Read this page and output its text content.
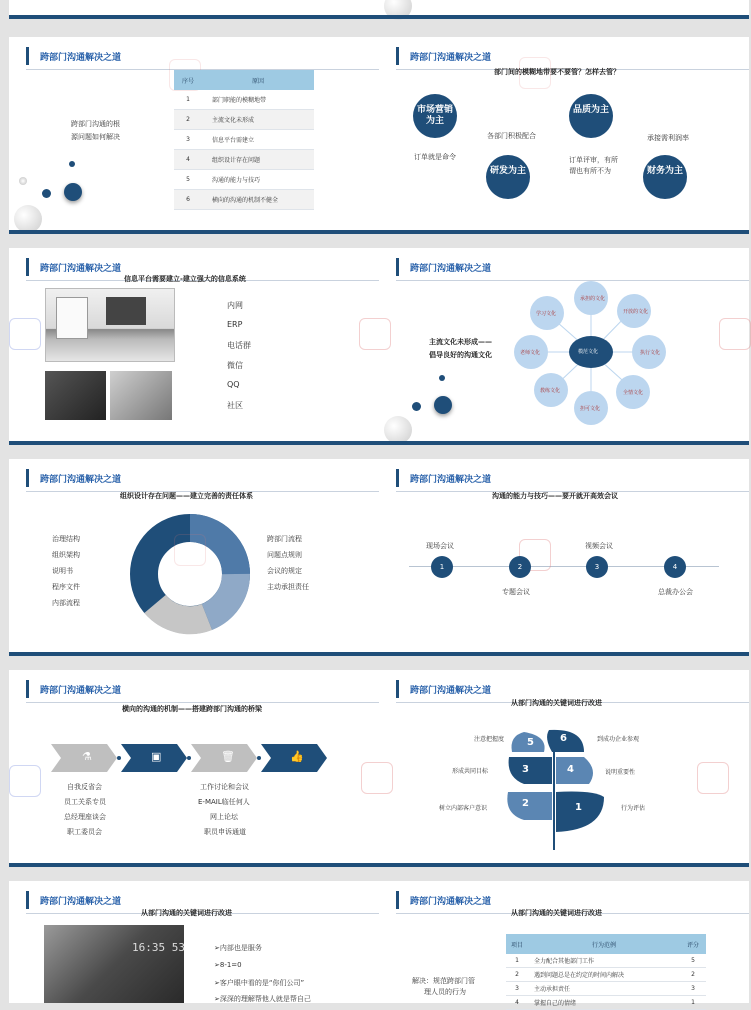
跨部门沟通解决之道
跨部门沟通的根
源问题如何解决
序号	原因
1	部门职能的模糊地带
2	主流文化未形成
3	信息平台需建立
4	组织设计存在问题
5	沟通的能力与技巧
6	横向的沟通的机制不健全
跨部门沟通解决之道
部门间的模糊地带要不要管？怎样去管？
市场营销为主
品质为主
研发为主	财务为主
各部门积极配合
订单就是命令
承接需利润率
订单评审，有所
谓也有所不为
跨部门沟通解决之道
信息平台需要建立-建立强大的信息系统
内网
ERP
电话群
微信
QQ
社区
跨部门沟通解决之道
主流文化未形成——
倡导良好的沟通文化	模范文化
承担的文化
开放的文化
执行文化
全情文化
担可文化
教练文化
老师文化
学习文化
跨部门沟通解决之道
组织设计存在问题——建立完善的责任体系
治理结构
组织架构
说明书
程序文件
内部流程
跨部门流程
问题点规则
会议的规定
主动承担责任
跨部门沟通解决之道
沟通的能力与技巧——要开就开高效会议
1	2	3	4
现场会议	视频会议
专题会议	总裁办公会
跨部门沟通解决之道
横向的沟通的机制——搭建跨部门沟通的桥梁
⚗	▣	🗑	👍
自我反省会
员工关系专员
总经理座谈会
职工委员会
工作讨论和会议
E-MAIL临任何人
网上论坛
职员申诉通道
跨部门沟通解决之道
从部门沟通的关键词进行改进
5	6
3	4
2	1
注意把握度
形成共同目标
树立内部客户意识
到成功企业参观
说明重要性
行为评估
跨部门沟通解决之道
从部门沟通的关键词进行改进
16:35 53	➢内部也是服务
➢8-1=0
➢客户眼中看的是“你们公司”
➢深深的理解帮他人就是帮自己
跨部门沟通解决之道
从部门沟通的关键词进行改进
解决：规范跨部门管
理人员的行为
项目	行为范例	评分
1	全力配合其他部门工作	5
2	遇到问题总是在约定的时间内解决	2
3	主动承担责任	3
4	掌握自己的情绪	1
